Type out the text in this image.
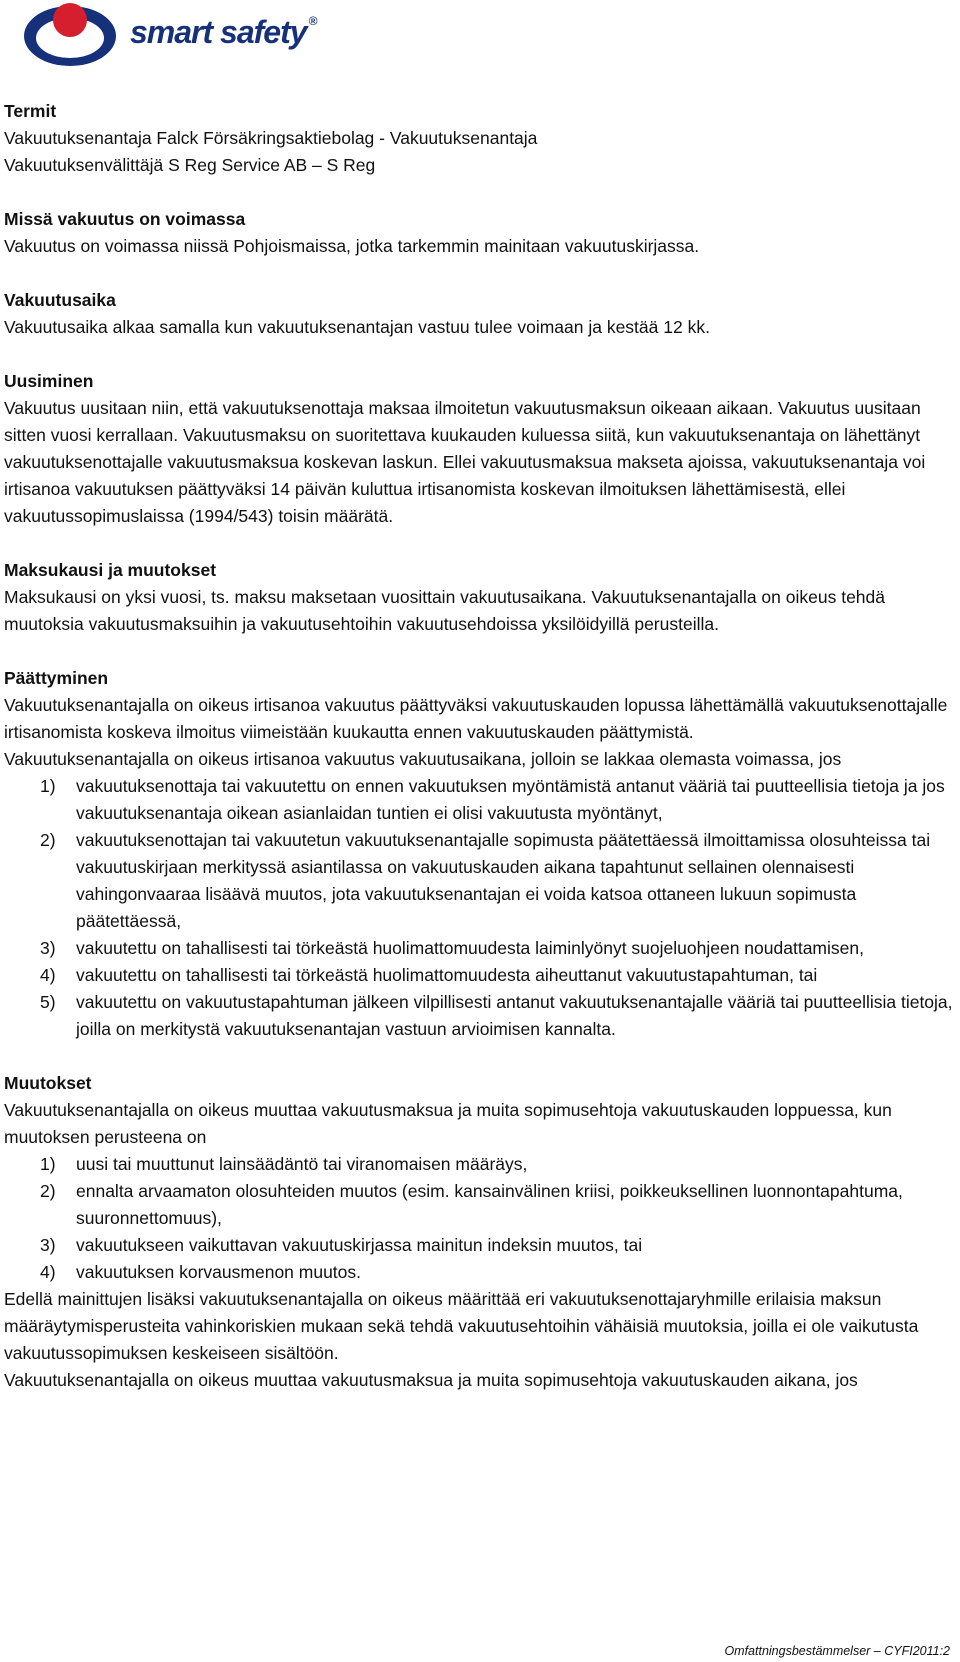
smart safety ®
Termit

Vakuutuksenantaja Falck Försäkringsaktiebolag - Vakuutuksenantaja

Vakuutuksenvälittäjä S Reg Service AB – S Reg

Missä vakuutus on voimassa

Vakuutus on voimassa niissä Pohjoismaissa, jotka tarkemmin mainitaan vakuutuskirjassa.

Vakuutusaika

Vakuutusaika alkaa samalla kun vakuutuksenantajan vastuu tulee voimaan ja kestää 12 kk.

Uusiminen

Vakuutus uusitaan niin, että vakuutuksenottaja maksaa ilmoitetun vakuutusmaksun oikeaan aikaan. Vakuutus uusitaan sitten vuosi kerrallaan. Vakuutusmaksu on suoritettava kuukauden kuluessa siitä, kun vakuutuksenantaja on lähettänyt vakuutuksenottajalle vakuutusmaksua koskevan laskun. Ellei vakuutusmaksua makseta ajoissa, vakuutuksenantaja voi irtisanoa vakuutuksen päättyväksi 14 päivän kuluttua irtisanomista koskevan ilmoituksen lähettämisestä, ellei vakuutussopimuslaissa (1994/543) toisin määrätä.

Maksukausi ja muutokset

Maksukausi on yksi vuosi, ts. maksu maksetaan vuosittain vakuutusaikana. Vakuutuksenantajalla on oikeus tehdä muutoksia vakuutusmaksuihin ja vakuutusehtoihin vakuutusehdoissa yksilöidyillä perusteilla.

Päättyminen

Vakuutuksenantajalla on oikeus irtisanoa vakuutus päättyväksi vakuutuskauden lopussa lähettämällä vakuutuksenottajalle irtisanomista koskeva ilmoitus viimeistään kuukautta ennen vakuutuskauden päättymistä.

Vakuutuksenantajalla on oikeus irtisanoa vakuutus vakuutusaikana, jolloin se lakkaa olemasta voimassa, jos

1) vakuutuksenottaja tai vakuutettu on ennen vakuutuksen myöntämistä antanut vääriä tai puutteellisia tietoja ja jos vakuutuksenantaja oikean asianlaidan tuntien ei olisi vakuutusta myöntänyt,
2) vakuutuksenottajan tai vakuutetun vakuutuksenantajalle sopimusta päätettäessä ilmoittamissa olosuhteissa tai vakuutuskirjaan merkityssä asiantilassa on vakuutuskauden aikana tapahtunut sellainen olennaisesti vahingonvaaraa lisäävä muutos, jota vakuutuksenantajan ei voida katsoa ottaneen lukuun sopimusta päätettäessä,
3) vakuutettu on tahallisesti tai törkeästä huolimattomuudesta laiminlyönyt suojeluohjeen noudattamisen,
4) vakuutettu on tahallisesti tai törkeästä huolimattomuudesta aiheuttanut vakuutustapahtuman, tai
5) vakuutettu on vakuutustapahtuman jälkeen vilpillisesti antanut vakuutuksenantajalle vääriä tai puutteellisia tietoja, joilla on merkitystä vakuutuksenantajan vastuun arvioimisen kannalta.
Muutokset

Vakuutuksenantajalla on oikeus muuttaa vakuutusmaksua ja muita sopimusehtoja vakuutuskauden loppuessa, kun muutoksen perusteena on

1) uusi tai muuttunut lainsäädäntö tai viranomaisen määräys,
2) ennalta arvaamaton olosuhteiden muutos (esim. kansainvälinen kriisi, poikkeuksellinen luonnontapahtuma, suuronnettomuus),
3) vakuutukseen vaikuttavan vakuutuskirjassa mainitun indeksin muutos, tai
4) vakuutuksen korvausmenon muutos.

Edellä mainittujen lisäksi vakuutuksenantajalla on oikeus määrittää eri vakuutuksenottajaryhmille erilaisia maksun määräytymisperusteita vahinkoriskien mukaan sekä tehdä vakuutusehtoihin vähäisiä muutoksia, joilla ei ole vaikutusta vakuutussopimuksen keskeiseen sisältöön.

Vakuutuksenantajalla on oikeus muuttaa vakuutusmaksua ja muita sopimusehtoja vakuutuskauden aikana, jos

Omfattningsbestämmelser – CYFI2011:2
